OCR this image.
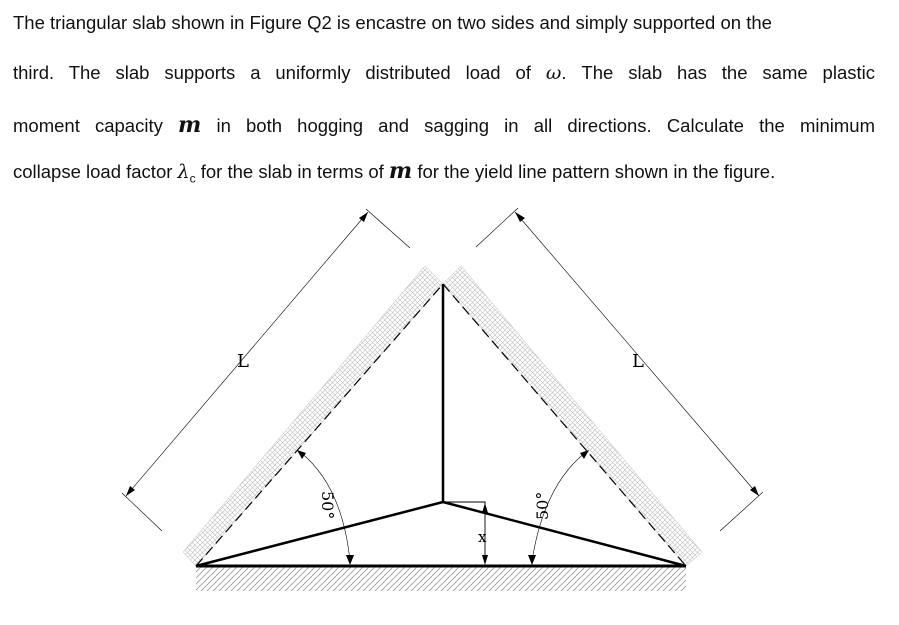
The triangular slab shown in Figure Q2 is encastre on two sides and simply supported on the

third. The slab supports a uniformly distributed load of ω. The slab has the same plastic

moment capacity m in both hogging and sagging in all directions. Calculate the minimum

collapse load factor $\lambda_c$ for the slab in terms of m for the yield line pattern shown in the figure.

x
L	L
50°	50°
